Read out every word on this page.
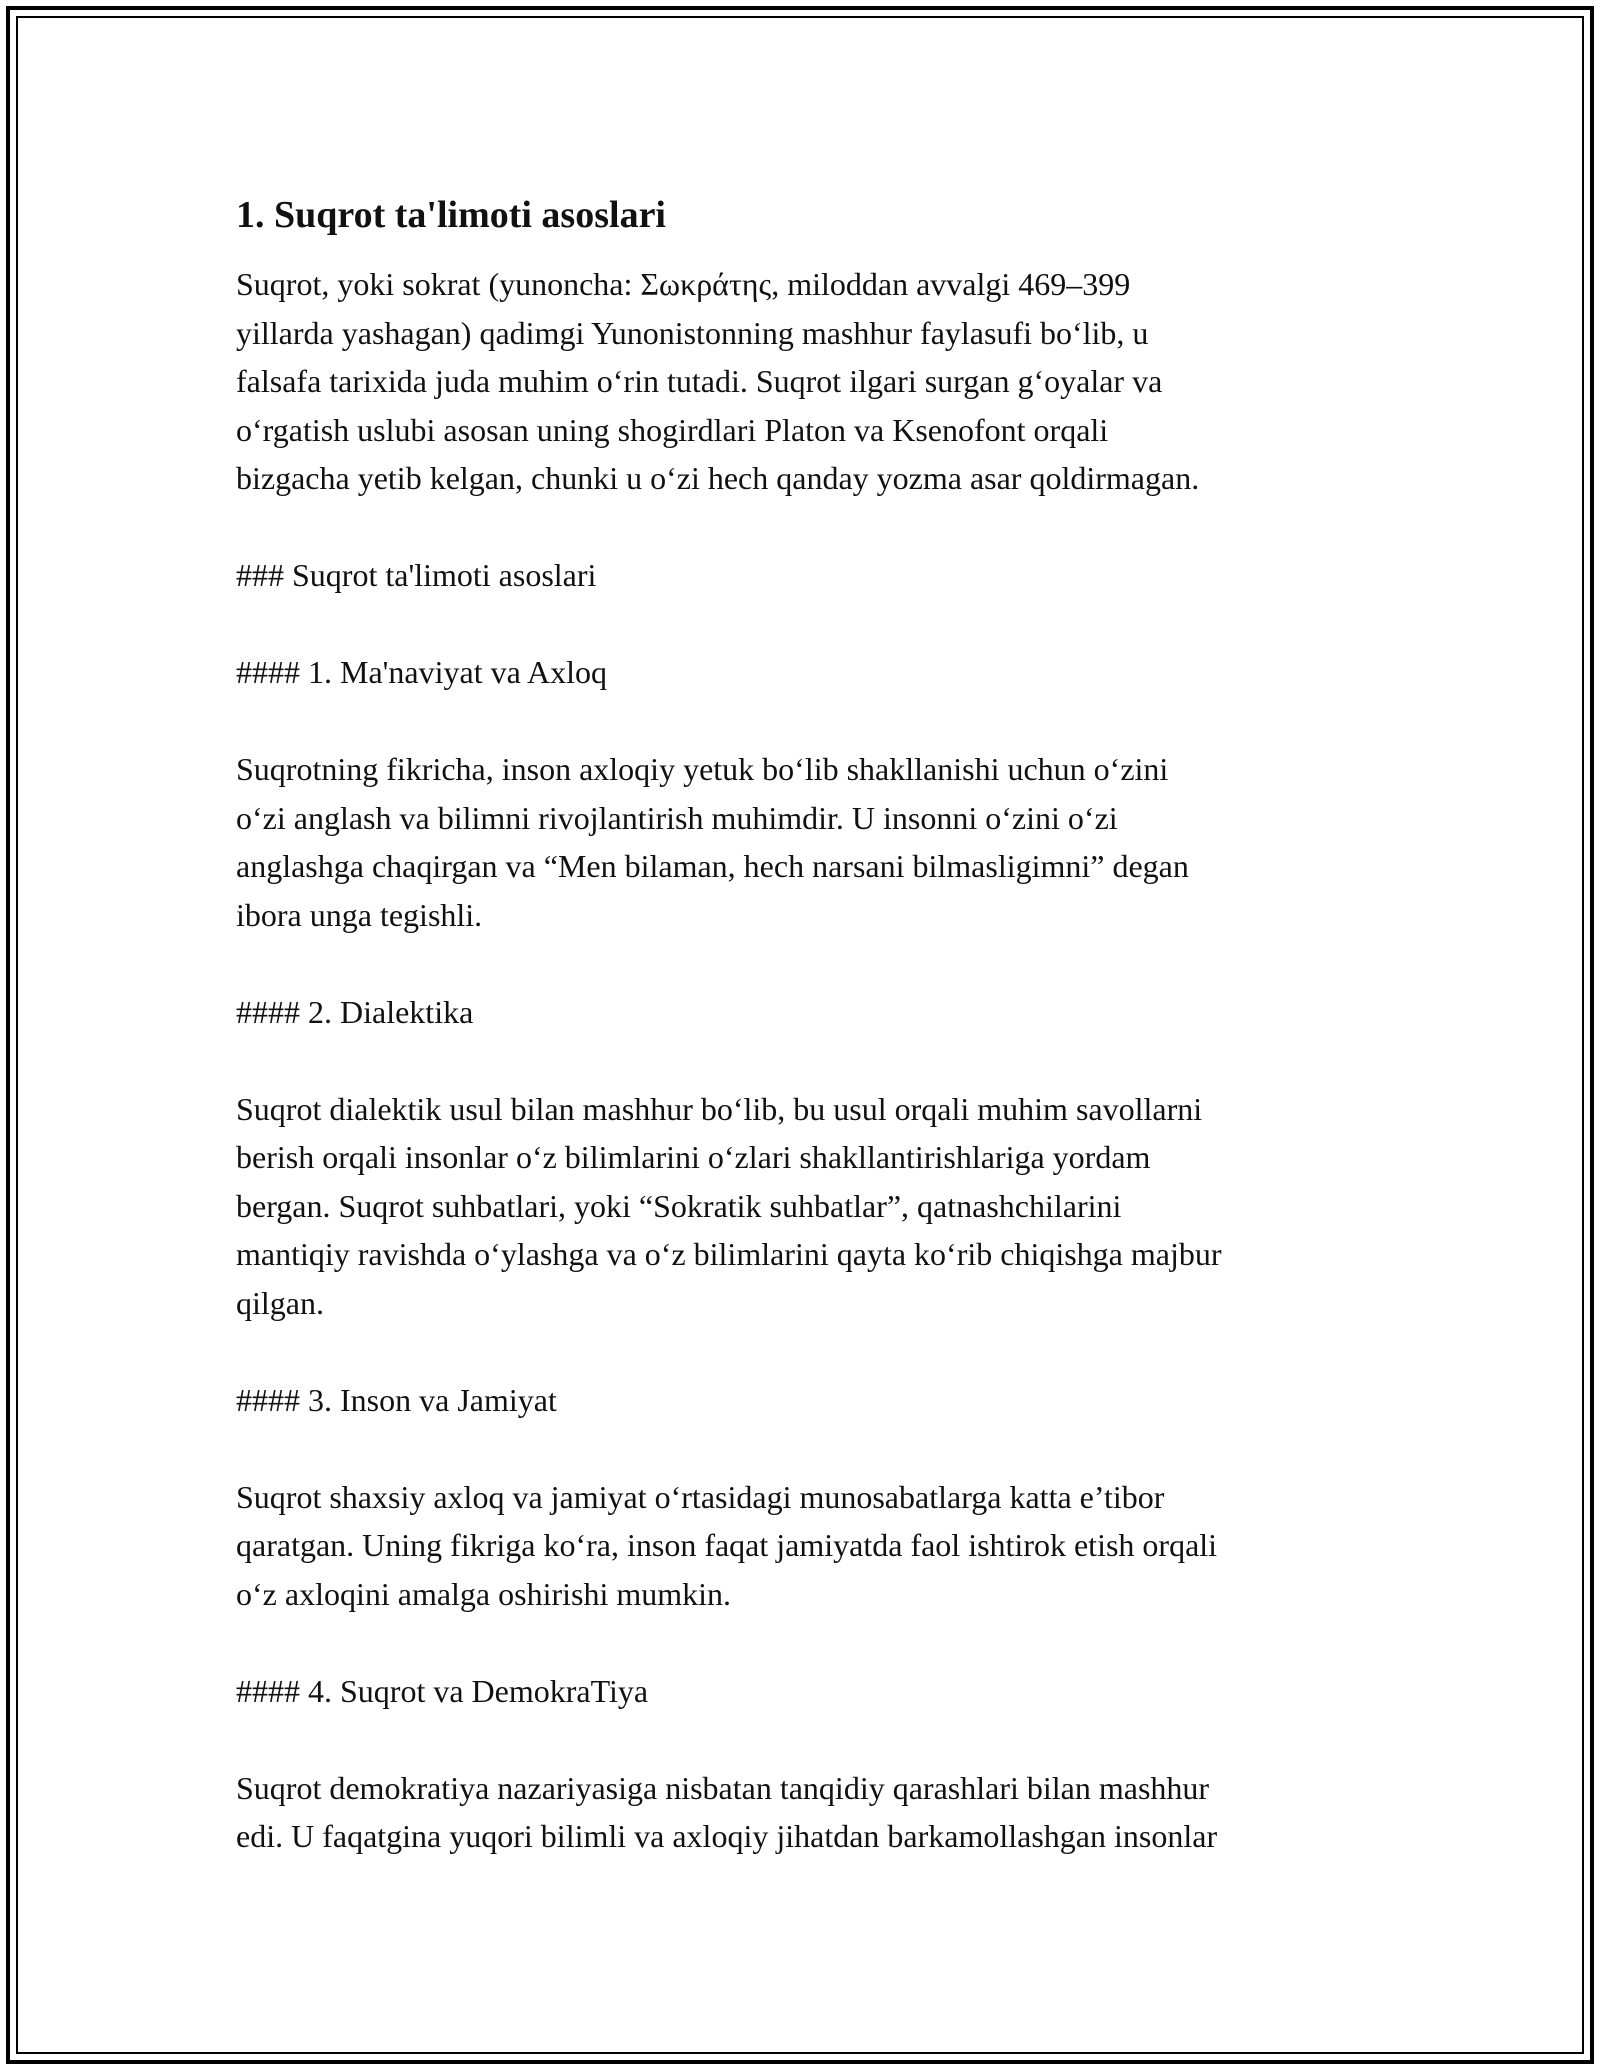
1. Suqrot ta'limoti asoslari

Suqrot, yoki sokrat (yunoncha: Σωκράτης, miloddan avvalgi 469–399
yillarda yashagan) qadimgi Yunonistonning mashhur faylasufi bo‘lib, u
falsafa tarixida juda muhim o‘rin tutadi. Suqrot ilgari surgan g‘oyalar va
o‘rgatish uslubi asosan uning shogirdlari Platon va Ksenofont orqali
bizgacha yetib kelgan, chunki u o‘zi hech qanday yozma asar qoldirmagan.

### Suqrot ta'limoti asoslari

#### 1. Ma'naviyat va Axloq

Suqrotning fikricha, inson axloqiy yetuk bo‘lib shakllanishi uchun o‘zini
o‘zi anglash va bilimni rivojlantirish muhimdir. U insonni o‘zini o‘zi
anglashga chaqirgan va “Men bilaman, hech narsani bilmasligimni” degan
ibora unga tegishli.

#### 2. Dialektika

Suqrot dialektik usul bilan mashhur bo‘lib, bu usul orqali muhim savollarni
berish orqali insonlar o‘z bilimlarini o‘zlari shakllantirishlariga yordam
bergan. Suqrot suhbatlari, yoki “Sokratik suhbatlar”, qatnashchilarini
mantiqiy ravishda o‘ylashga va o‘z bilimlarini qayta ko‘rib chiqishga majbur
qilgan.

#### 3. Inson va Jamiyat

Suqrot shaxsiy axloq va jamiyat o‘rtasidagi munosabatlarga katta e’tibor
qaratgan. Uning fikriga ko‘ra, inson faqat jamiyatda faol ishtirok etish orqali
o‘z axloqini amalga oshirishi mumkin.

#### 4. Suqrot va DemokraTiya

Suqrot demokratiya nazariyasiga nisbatan tanqidiy qarashlari bilan mashhur
edi. U faqatgina yuqori bilimli va axloqiy jihatdan barkamollashgan insonlar
